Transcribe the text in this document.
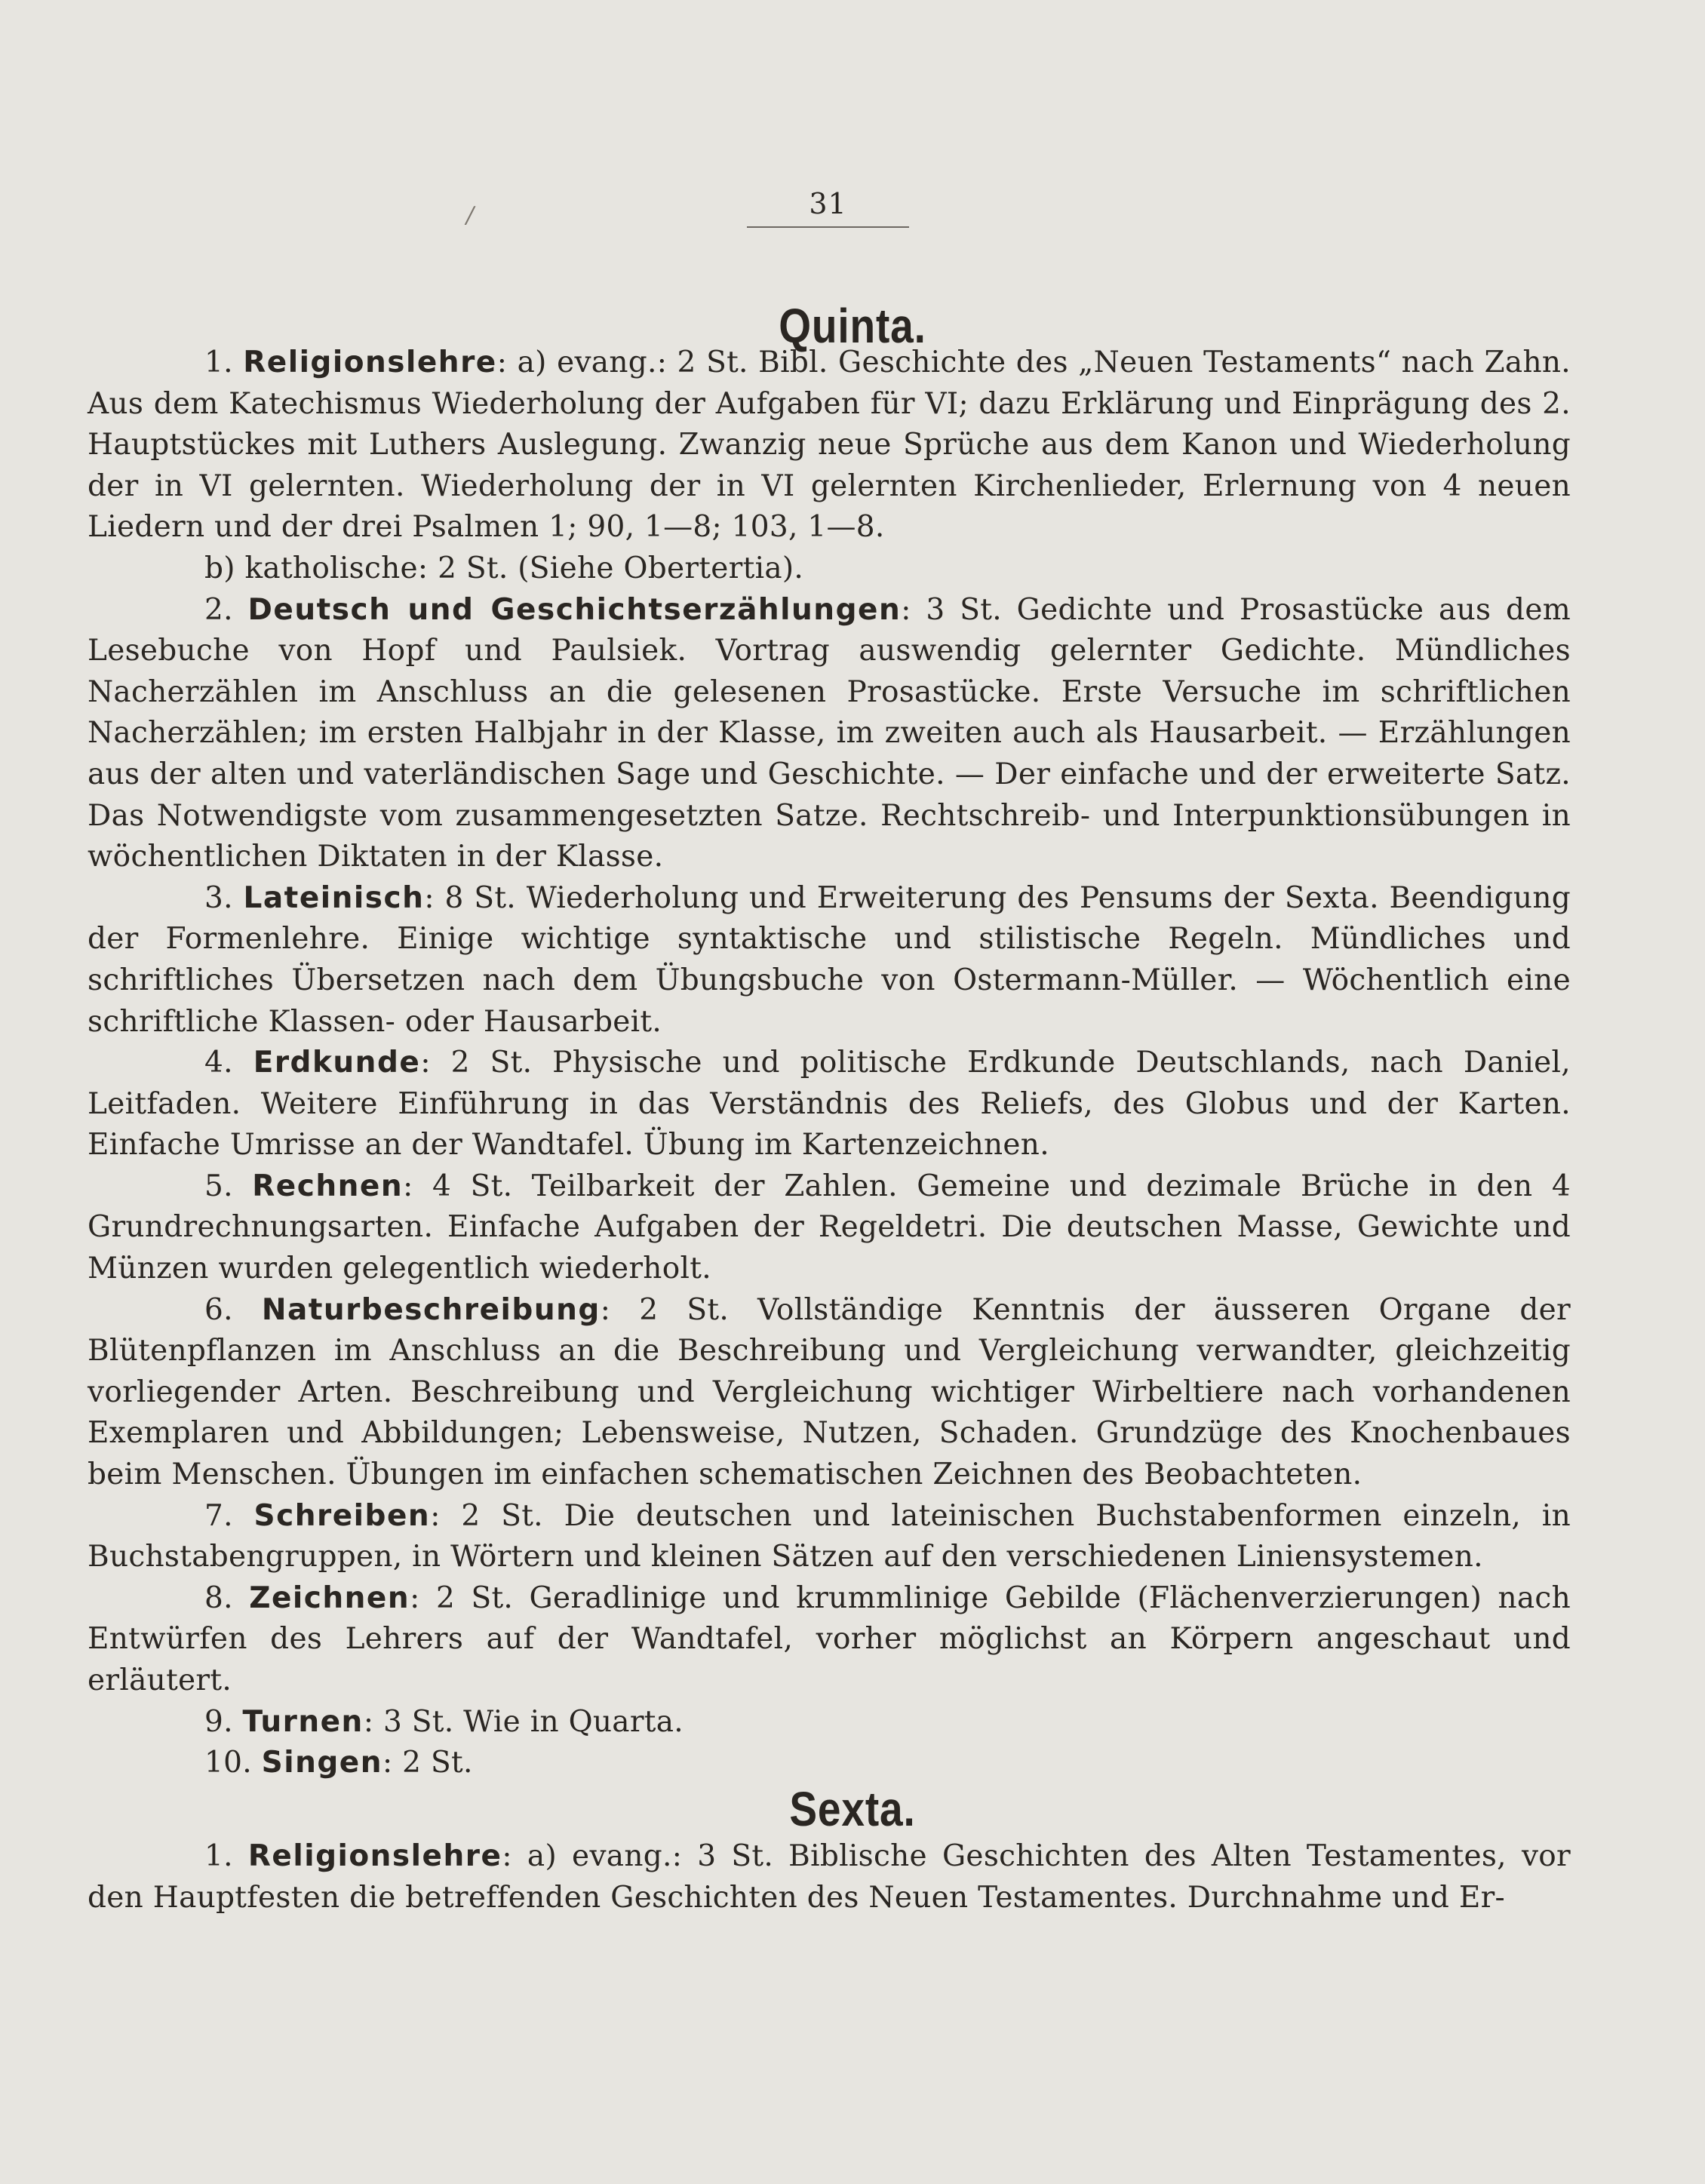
/	31
Quinta.

1. Religionslehre: a) evang.: 2 St. Bibl. Geschichte des „Neuen Testaments“ nach Zahn. Aus dem Katechismus Wiederholung der Aufgaben für VI; dazu Erklärung und Einprägung des 2. Hauptstückes mit Luthers Auslegung. Zwanzig neue Sprüche aus dem Kanon und Wiederholung der in VI gelernten. Wiederholung der in VI gelernten Kirchenlieder, Erlernung von 4 neuen Liedern und der drei Psalmen 1; 90, 1—8; 103, 1—8.

b) katholische: 2 St. (Siehe Obertertia).

2. Deutsch und Geschichtserzählungen: 3 St. Gedichte und Prosastücke aus dem Lesebuche von Hopf und Paulsiek. Vortrag auswendig gelernter Gedichte. Mündliches Nacherzählen im Anschluss an die gelesenen Prosastücke. Erste Versuche im schriftlichen Nacherzählen; im ersten Halbjahr in der Klasse, im zweiten auch als Hausarbeit. — Erzählungen aus der alten und vaterländischen Sage und Geschichte. — Der einfache und der erweiterte Satz. Das Notwendigste vom zusammengesetzten Satze. Rechtschreib- und Interpunktionsübungen in wöchentlichen Diktaten in der Klasse.

3. Lateinisch: 8 St. Wiederholung und Erweiterung des Pensums der Sexta. Beendigung der Formenlehre. Einige wichtige syntaktische und stilistische Regeln. Mündliches und schriftliches Übersetzen nach dem Übungsbuche von Ostermann-Müller. — Wöchentlich eine schriftliche Klassen- oder Hausarbeit.

4. Erdkunde: 2 St. Physische und politische Erdkunde Deutschlands, nach Daniel, Leitfaden. Weitere Einführung in das Verständnis des Reliefs, des Globus und der Karten. Einfache Umrisse an der Wandtafel. Übung im Kartenzeichnen.

5. Rechnen: 4 St. Teilbarkeit der Zahlen. Gemeine und dezimale Brüche in den 4 Grundrechnungsarten. Einfache Aufgaben der Regeldetri. Die deutschen Masse, Gewichte und Münzen wurden gelegentlich wiederholt.

6. Naturbeschreibung: 2 St. Vollständige Kenntnis der äusseren Organe der Blütenpflanzen im Anschluss an die Beschreibung und Vergleichung verwandter, gleichzeitig vorliegender Arten. Beschreibung und Vergleichung wichtiger Wirbeltiere nach vorhandenen Exemplaren und Abbildungen; Lebensweise, Nutzen, Schaden. Grundzüge des Knochenbaues beim Menschen. Übungen im einfachen schematischen Zeichnen des Beobachteten.

7. Schreiben: 2 St. Die deutschen und lateinischen Buchstabenformen einzeln, in Buchstabengruppen, in Wörtern und kleinen Sätzen auf den verschiedenen Liniensystemen.

8. Zeichnen: 2 St. Geradlinige und krummlinige Gebilde (Flächenverzierungen) nach Entwürfen des Lehrers auf der Wandtafel, vorher möglichst an Körpern angeschaut und erläutert.

9. Turnen: 3 St. Wie in Quarta.

10. Singen: 2 St.

Sexta.

1. Religionslehre: a) evang.: 3 St. Biblische Geschichten des Alten Testamentes, vor den Hauptfesten die betreffenden Geschichten des Neuen Testamentes. Durchnahme und Er-
